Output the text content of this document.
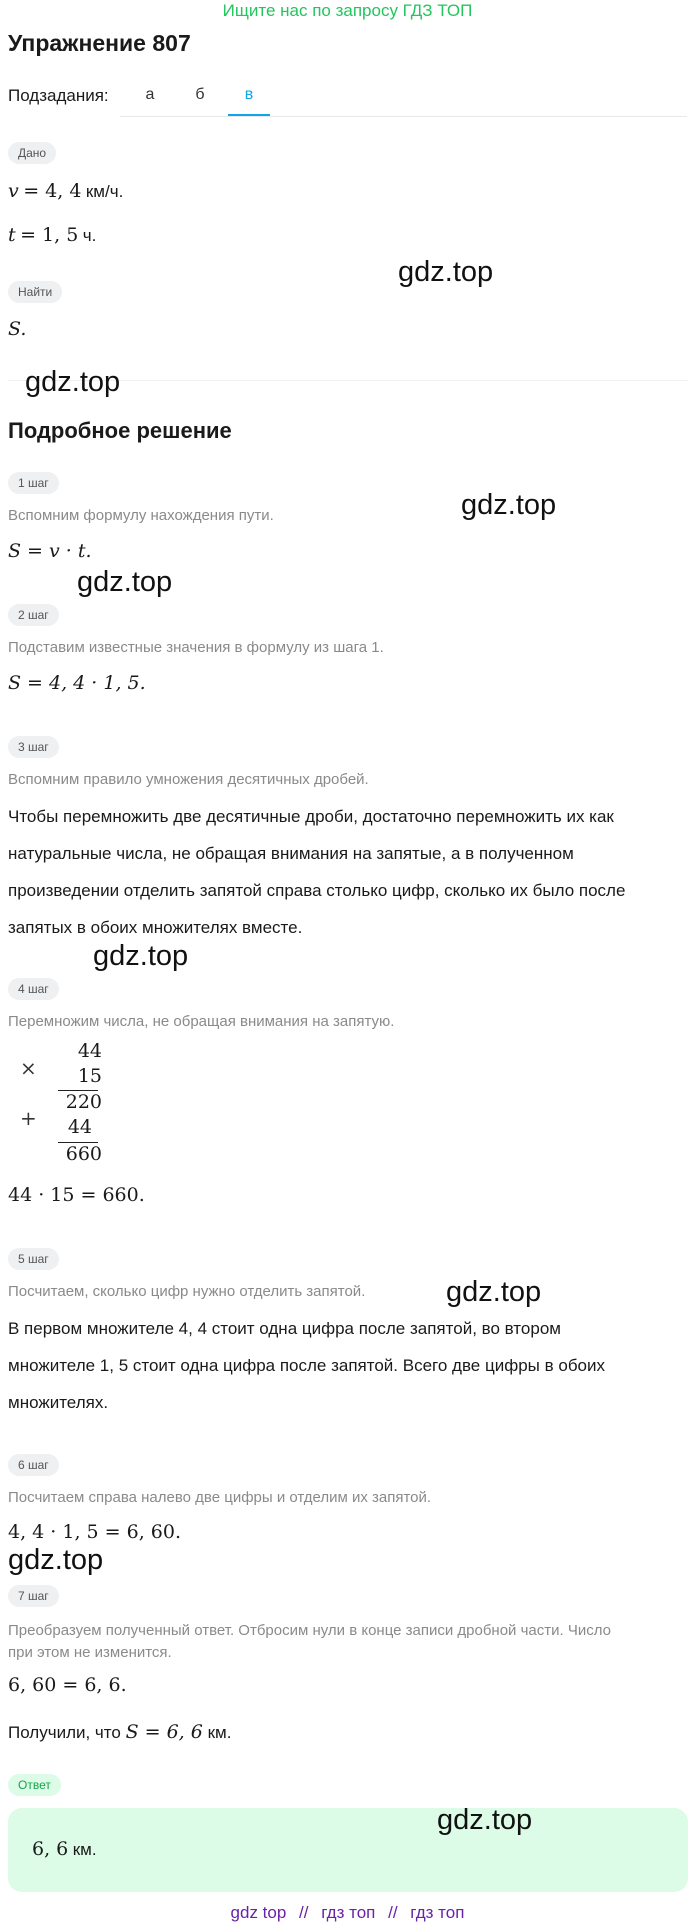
Ищите нас по запросу ГДЗ ТОП
Упражнение 807
Подзадания:	а	б	в
Дано
v = 4, 4 км/ч.
t = 1, 5 ч.
Найти
S.
Подробное решение
1 шаг
Вспомним формулу нахождения пути.
S = v · t.
2 шаг
Подставим известные значения в формулу из шага 1.
S = 4, 4 · 1, 5.
3 шаг
Вспомним правило умножения десятичных дробей.
Чтобы перемножить две десятичные дроби, достаточно перемножить их как
натуральные числа, не обращая внимания на запятые, а в полученном
произведении отделить запятой справа столько цифр, сколько их было после
запятых в обоих множителях вместе.
4 шаг
Перемножим числа, не обращая внимания на запятую.
×
44
15
+
220
44
660
44 · 15 = 660.
5 шаг
Посчитаем, сколько цифр нужно отделить запятой.
В первом множителе 4, 4 стоит одна цифра после запятой, во втором
множителе 1, 5 стоит одна цифра после запятой. Всего две цифры в обоих
множителях.
6 шаг
Посчитаем справа налево две цифры и отделим их запятой.
4, 4 · 1, 5 = 6, 60.
7 шаг
Преобразуем полученный ответ. Отбросим нули в конце записи дробной части. Число
при этом не изменится.
6, 60 = 6, 6.
Получили, что S = 6, 6 км.
Ответ
6, 6 км.
gdz.top
gdz.top
gdz.top
gdz.top
gdz.top
gdz.top
gdz.top
gdz.top
gdz top // гдз топ // гдз топ
